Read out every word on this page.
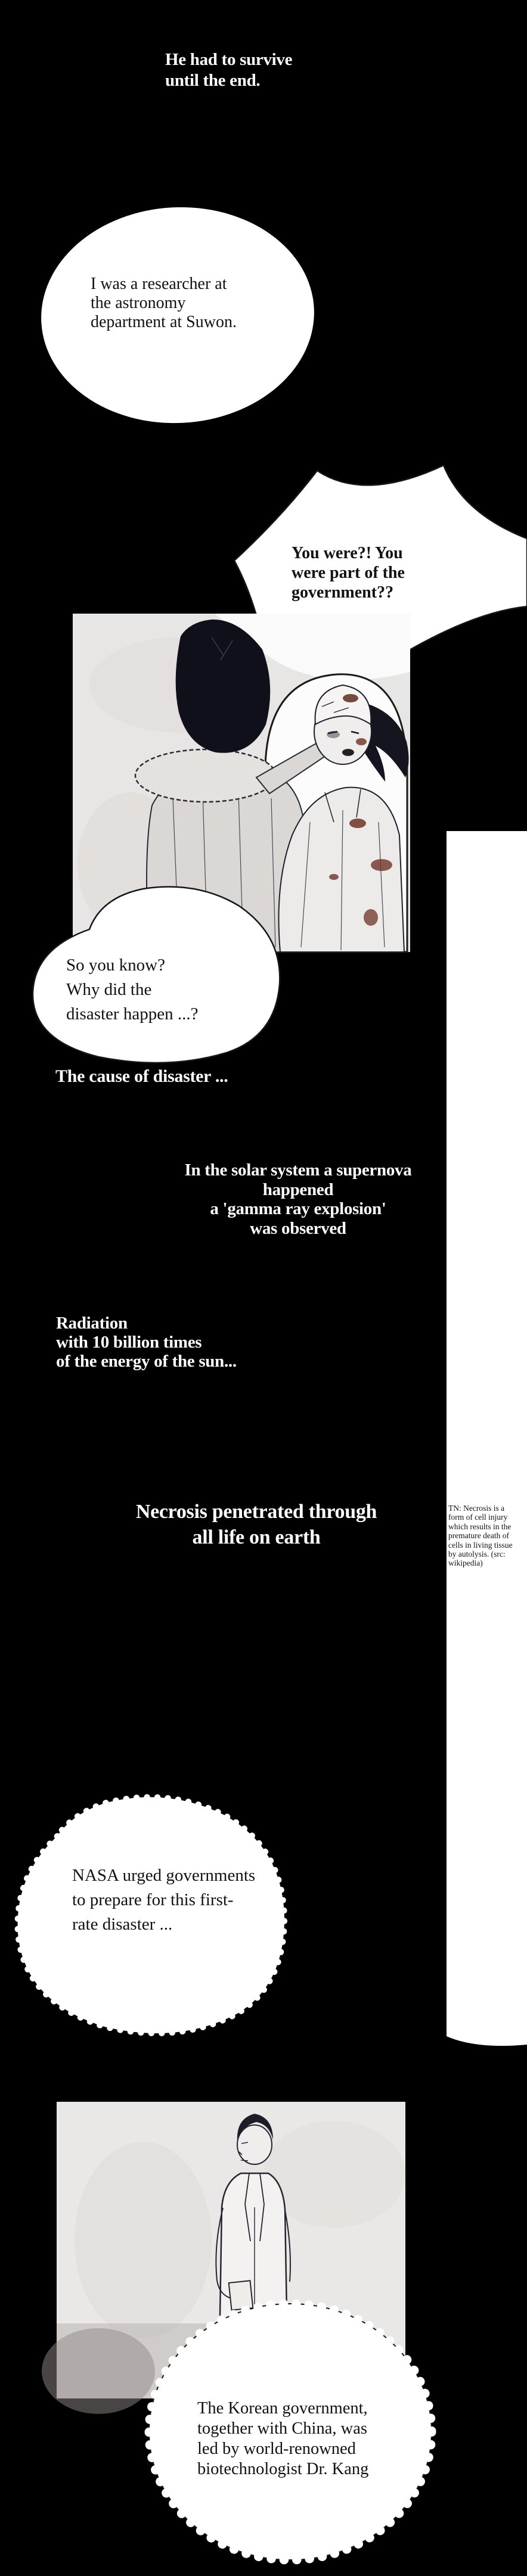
He had to survive
until the end.
I was a researcher at
the astronomy
department at Suwon.
You were?! You
were part of the
government??
So you know?
Why did the
disaster happen ...?
The cause of disaster ...
In the solar system a supernova
happened
a 'gamma ray explosion'
was observed
Radiation
with 10 billion times
of the energy of the sun...
Necrosis penetrated through
all life on earth
TN: Necrosis is a
form of cell injury
which results in the
premature death of
cells in living tissue
by autolysis. (src:
wikipedia)
NASA urged governments
to prepare for this first-
rate disaster ...
The Korean government,
together with China, was
led by world-renowned
biotechnologist Dr. Kang
